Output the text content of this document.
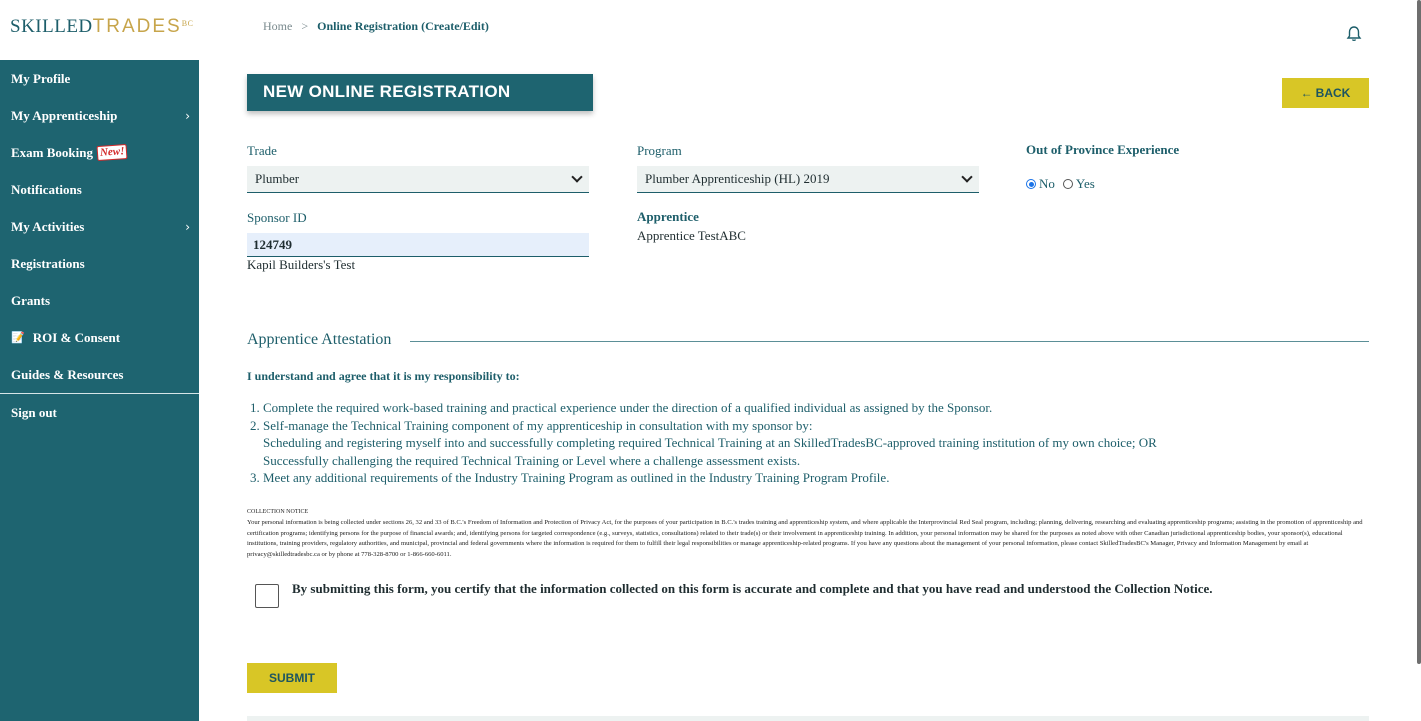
$SKILLEDTRADES^{BC}$	Home > Online Registration (Create/Edit)
My Profile
My Apprenticeship	›
Exam Booking New!
Notifications
My Activities	›
Registrations
Grants
📝 ROI & Consent
Guides & Resources
Sign out
NEW ONLINE REGISTRATION	← BACK
Trade
Plumber
Program
Plumber Apprenticeship (HL) 2019
Out of Province Experience
No Yes
Sponsor ID
124749
Kapil Builders's Test
Apprentice
Apprentice TestABC
Apprentice Attestation
I understand and agree that it is my responsibility to:
1. Complete the required work-based training and practical experience under the direction of a qualified individual as assigned by the Sponsor.
2. Self-manage the Technical Training component of my apprenticeship in consultation with my sponsor by:
Scheduling and registering myself into and successfully completing required Technical Training at an SkilledTradesBC-approved training institution of my own choice; OR
Successfully challenging the required Technical Training or Level where a challenge assessment exists.
3. Meet any additional requirements of the Industry Training Program as outlined in the Industry Training Program Profile.
COLLECTION NOTICE
Your personal information is being collected under sections 26, 32 and 33 of B.C.'s Freedom of Information and Protection of Privacy Act, for the purposes of your participation in B.C.'s trades training and apprenticeship system, and where applicable the Interprovincial Red Seal program, including; planning, delivering, researching and evaluating apprenticeship programs; assisting in the promotion of apprenticeship and certification programs; identifying persons for the purpose of financial awards; and, identifying persons for targeted correspondence (e.g., surveys, statistics, consultations) related to their trade(s) or their involvement in apprenticeship training. In addition, your personal information may be shared for the purposes as noted above with other Canadian jurisdictional apprenticeship bodies, your sponsor(s), educational institutions, training providers, regulatory authorities, and municipal, provincial and federal governments where the information is required for them to fulfill their legal responsibilities or manage apprenticeship-related programs. If you have any questions about the management of your personal information, please contact SkilledTradesBC's Manager, Privacy and Information Management by email at privacy@skilledtradesbc.ca or by phone at 778-328-8700 or 1-866-660-6011.
By submitting this form, you certify that the information collected on this form is accurate and complete and that you have read and understood the Collection Notice.
SUBMIT
